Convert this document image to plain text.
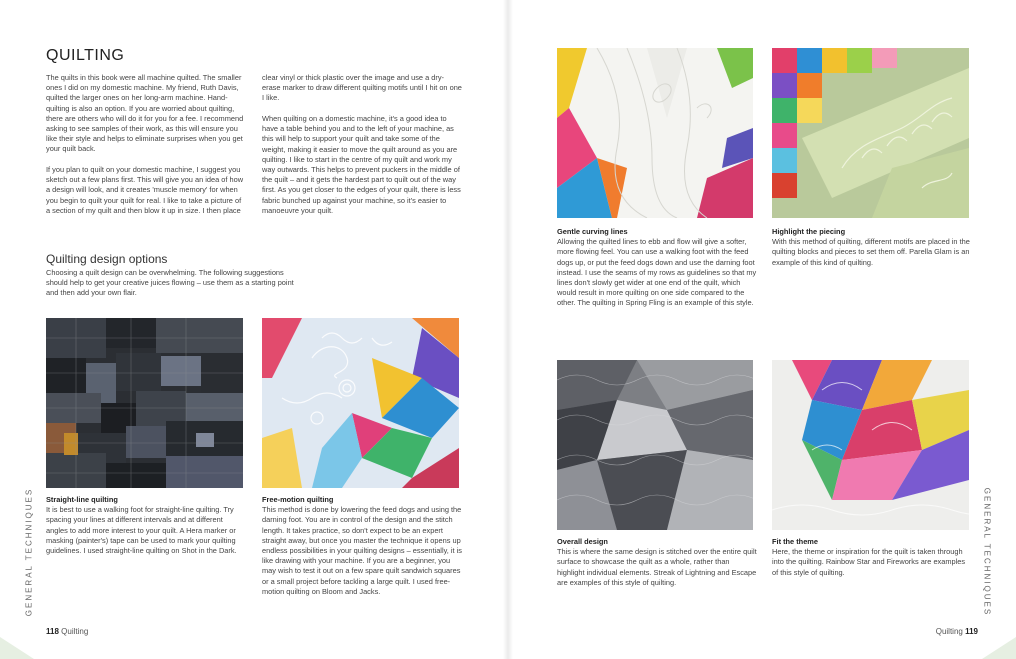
QUILTING

The quilts in this book were all machine quilted. The smaller ones I did on my domestic machine. My friend, Ruth Davis, quilted the larger ones on her long-arm machine. Hand-quilting is also an option. If you are worried about quilting, there are others who will do it for you for a fee. I recommend asking to see samples of their work, as this will ensure you like their style and helps to eliminate surprises when you get your quilt back.

If you plan to quilt on your domestic machine, I suggest you sketch out a few plans first. This will give you an idea of how a design will look, and it creates 'muscle memory' for when you begin to quilt your quilt for real. I like to take a picture of a section of my quilt and then blow it up in size. I then place

clear vinyl or thick plastic over the image and use a dry-erase marker to draw different quilting motifs until I hit on one I like.

When quilting on a domestic machine, it's a good idea to have a table behind you and to the left of your machine, as this will help to support your quilt and take some of the weight, making it easier to move the quilt around as you are quilting. I like to start in the centre of my quilt and work my way outwards. This helps to prevent puckers in the middle of the quilt – and it gets the hardest part to quilt out of the way first. As you get closer to the edges of your quilt, there is less fabric bunched up against your machine, so it's easier to manoeuvre your quilt.

Quilting design options

Choosing a quilt design can be overwhelming. The following suggestions should help to get your creative juices flowing – use them as a starting point and then add your own flair.

Straight-line quilting
It is best to use a walking foot for straight-line quilting. Try spacing your lines at different intervals and at different angles to add more interest to your quilt. A Hera marker or masking (painter's) tape can be used to mark your quilting guidelines. I used straight-line quilting on Shot in the Dark.

Free-motion quilting
This method is done by lowering the feed dogs and using the darning foot. You are in control of the design and the stitch length. It takes practice, so don't expect to be an expert straight away, but once you master the technique it opens up endless possibilities in your quilting designs – essentially, it is like drawing with your machine. If you are a beginner, you may wish to test it out on a few spare quilt sandwich squares or a small project before tackling a large quilt. I used free-motion quilting on Bloom and Jacks.

118 Quilting

Gentle curving lines
Allowing the quilted lines to ebb and flow will give a softer, more flowing feel. You can use a walking foot with the feed dogs up, or put the feed dogs down and use the darning foot instead. I use the seams of my rows as guidelines so that my lines don't slowly get wider at one end of the quilt, which would result in more quilting on one side compared to the other. The quilting in Spring Fling is an example of this style.

Highlight the piecing
With this method of quilting, different motifs are placed in the quilting blocks and pieces to set them off. Parella Glam is an example of this kind of quilting.

Overall design
This is where the same design is stitched over the entire quilt surface to showcase the quilt as a whole, rather than highlight individual elements. Streak of Lightning and Escape are examples of this style of quilting.

Fit the theme
Here, the theme or inspiration for the quilt is taken through into the quilting. Rainbow Star and Fireworks are examples of this style of quilting.

Quilting 119
GENERAL TECHNIQUES	GENERAL TECHNIQUES
